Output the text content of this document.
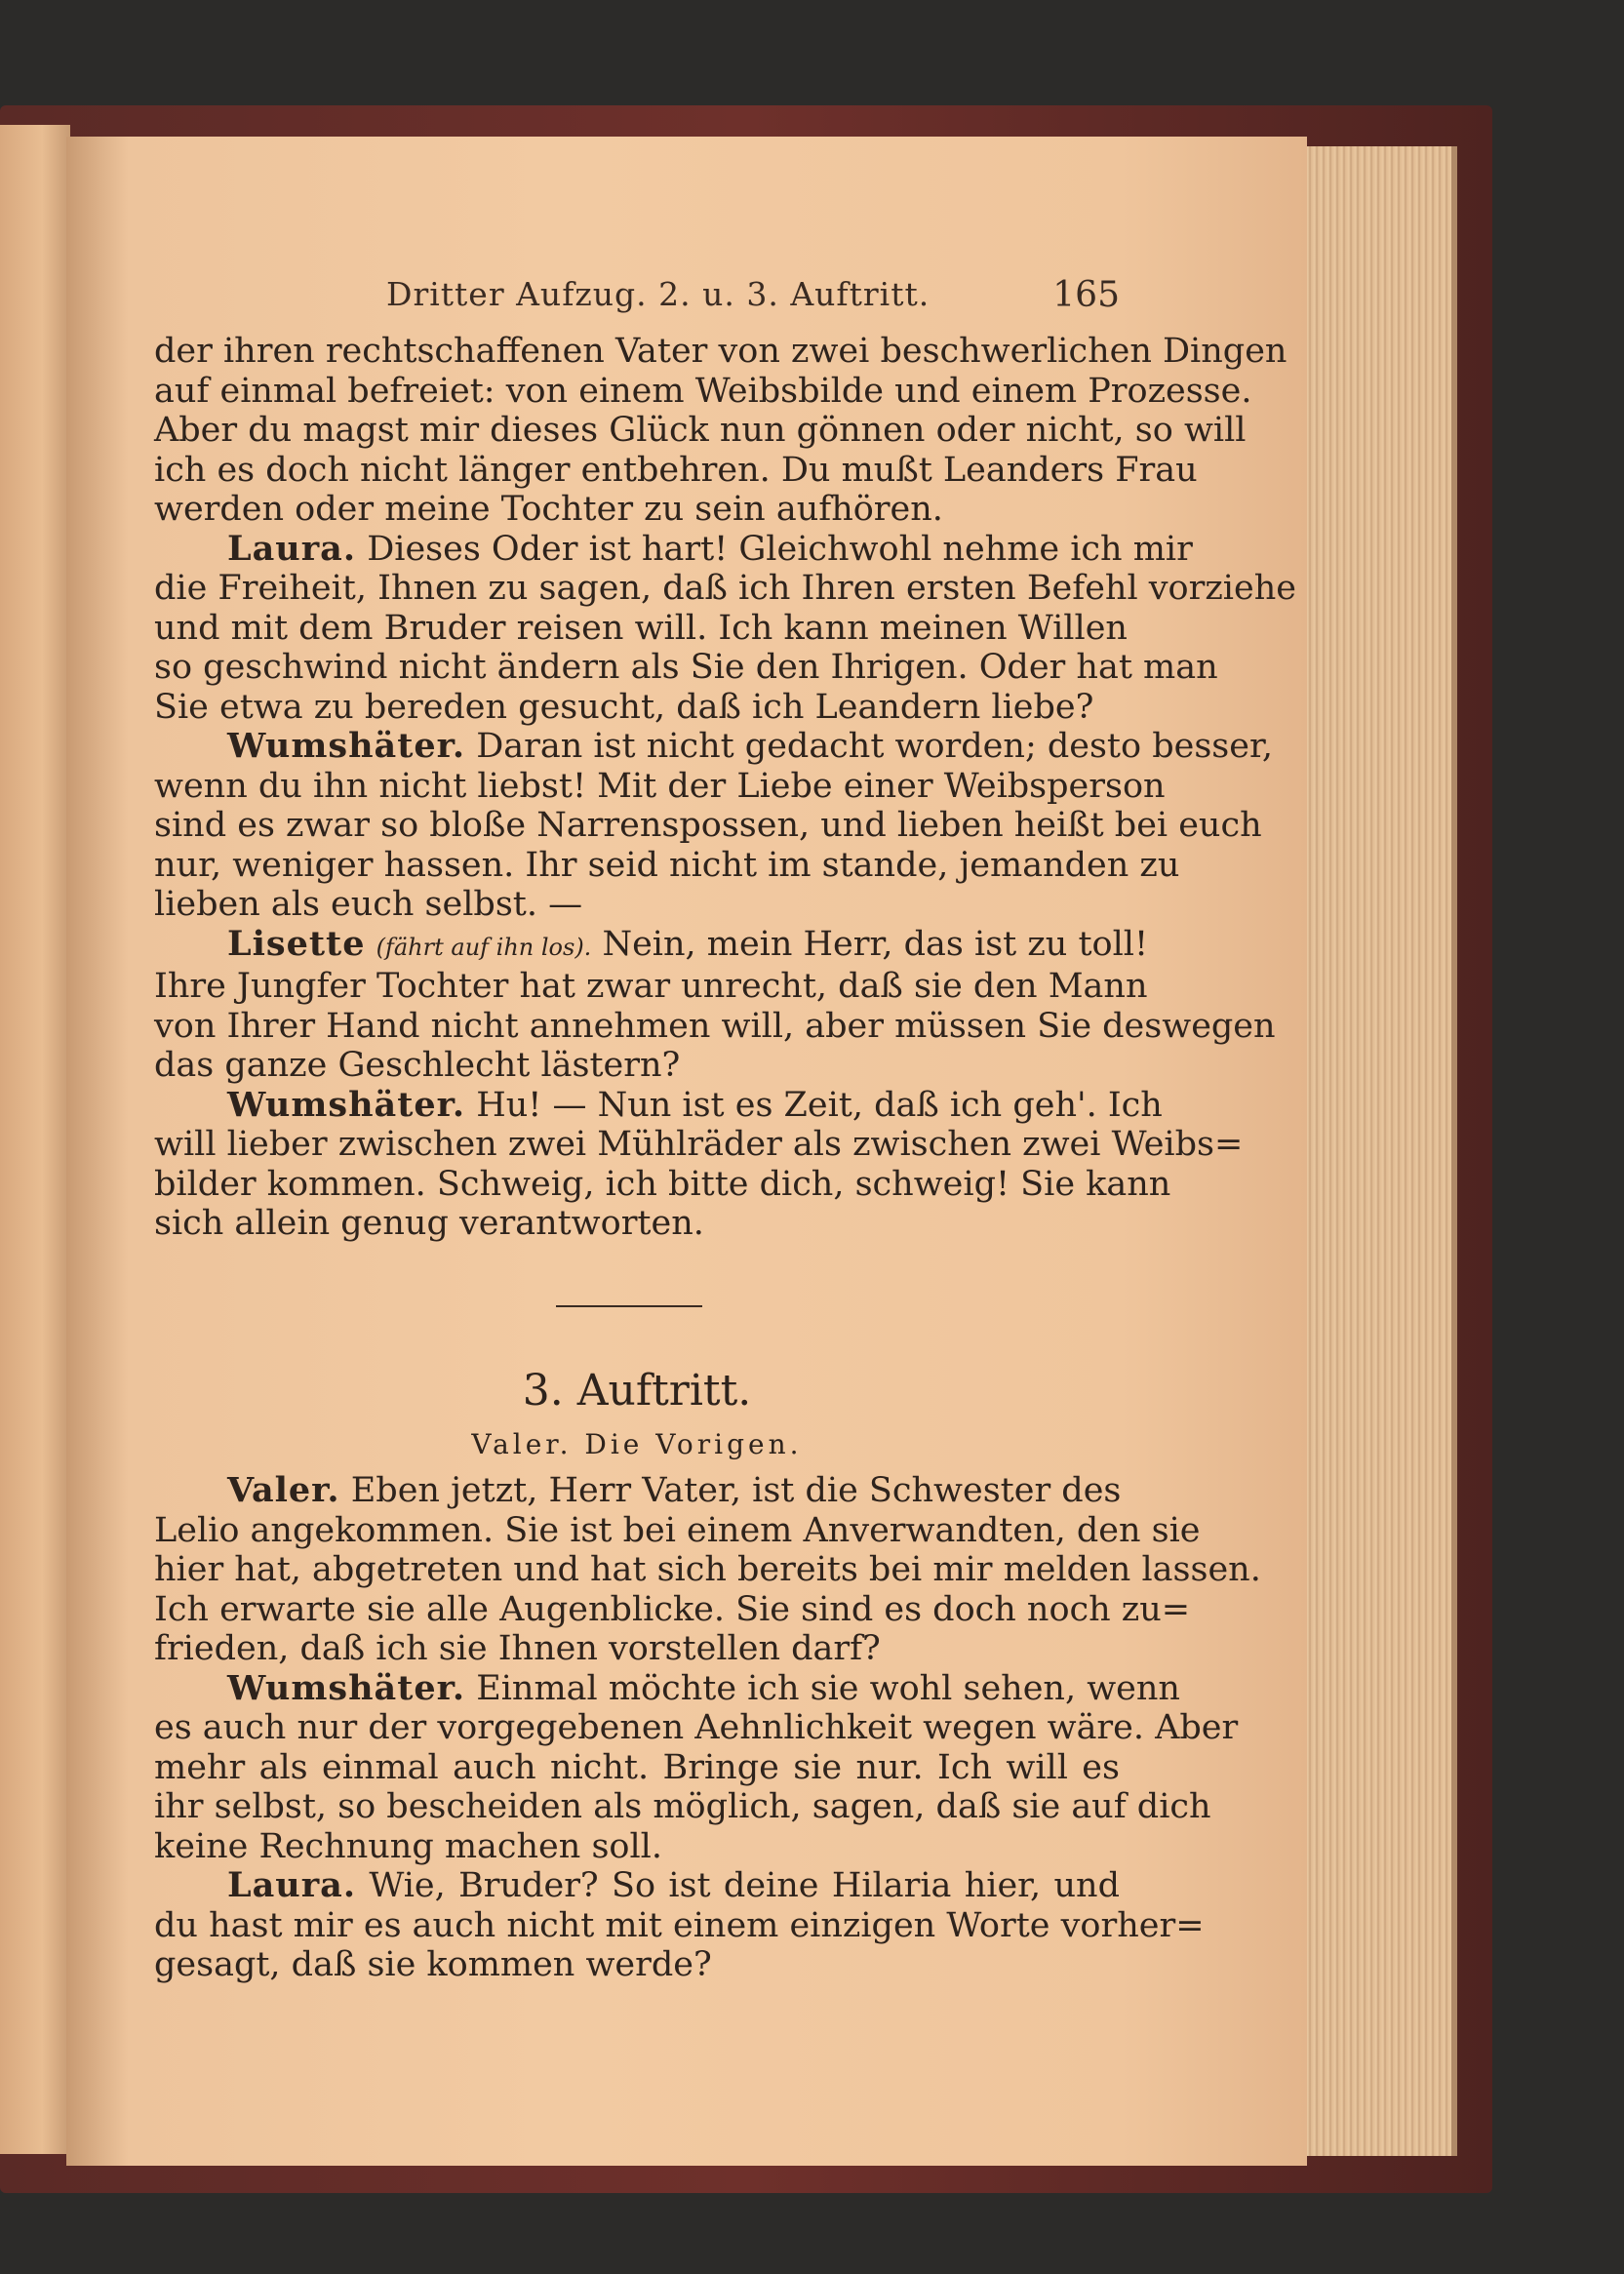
Dritter Aufzug. 2. u. 3. Auftritt.	165
der ihren rechtschaffenen Vater von zwei beschwerlichen Dingen
auf einmal befreiet: von einem Weibsbilde und einem Prozesse.
Aber du magst mir dieses Glück nun gönnen oder nicht, so will
ich es doch nicht länger entbehren. Du mußt Leanders Frau
werden oder meine Tochter zu sein aufhören.
Laura. Dieses Oder ist hart! Gleichwohl nehme ich mir
die Freiheit, Ihnen zu sagen, daß ich Ihren ersten Befehl vorziehe
und mit dem Bruder reisen will. Ich kann meinen Willen
so geschwind nicht ändern als Sie den Ihrigen. Oder hat man
Sie etwa zu bereden gesucht, daß ich Leandern liebe?
Wumshäter. Daran ist nicht gedacht worden; desto besser,
wenn du ihn nicht liebst! Mit der Liebe einer Weibsperson
sind es zwar so bloße Narrenspossen, und lieben heißt bei euch
nur, weniger hassen. Ihr seid nicht im stande, jemanden zu
lieben als euch selbst. —
Lisette (fährt auf ihn los). Nein, mein Herr, das ist zu toll!
Ihre Jungfer Tochter hat zwar unrecht, daß sie den Mann
von Ihrer Hand nicht annehmen will, aber müssen Sie deswegen
das ganze Geschlecht lästern?
Wumshäter. Hu! — Nun ist es Zeit, daß ich geh'. Ich
will lieber zwischen zwei Mühlräder als zwischen zwei Weibs=
bilder kommen. Schweig, ich bitte dich, schweig! Sie kann
sich allein genug verantworten.
3. Auftritt.
Valer. Die Vorigen.
Valer. Eben jetzt, Herr Vater, ist die Schwester des
Lelio angekommen. Sie ist bei einem Anverwandten, den sie
hier hat, abgetreten und hat sich bereits bei mir melden lassen.
Ich erwarte sie alle Augenblicke. Sie sind es doch noch zu=
frieden, daß ich sie Ihnen vorstellen darf?
Wumshäter. Einmal möchte ich sie wohl sehen, wenn
es auch nur der vorgegebenen Aehnlichkeit wegen wäre. Aber
mehr als einmal auch nicht. Bringe sie nur. Ich will es
ihr selbst, so bescheiden als möglich, sagen, daß sie auf dich
keine Rechnung machen soll.
Laura. Wie, Bruder? So ist deine Hilaria hier, und
du hast mir es auch nicht mit einem einzigen Worte vorher=
gesagt, daß sie kommen werde?
